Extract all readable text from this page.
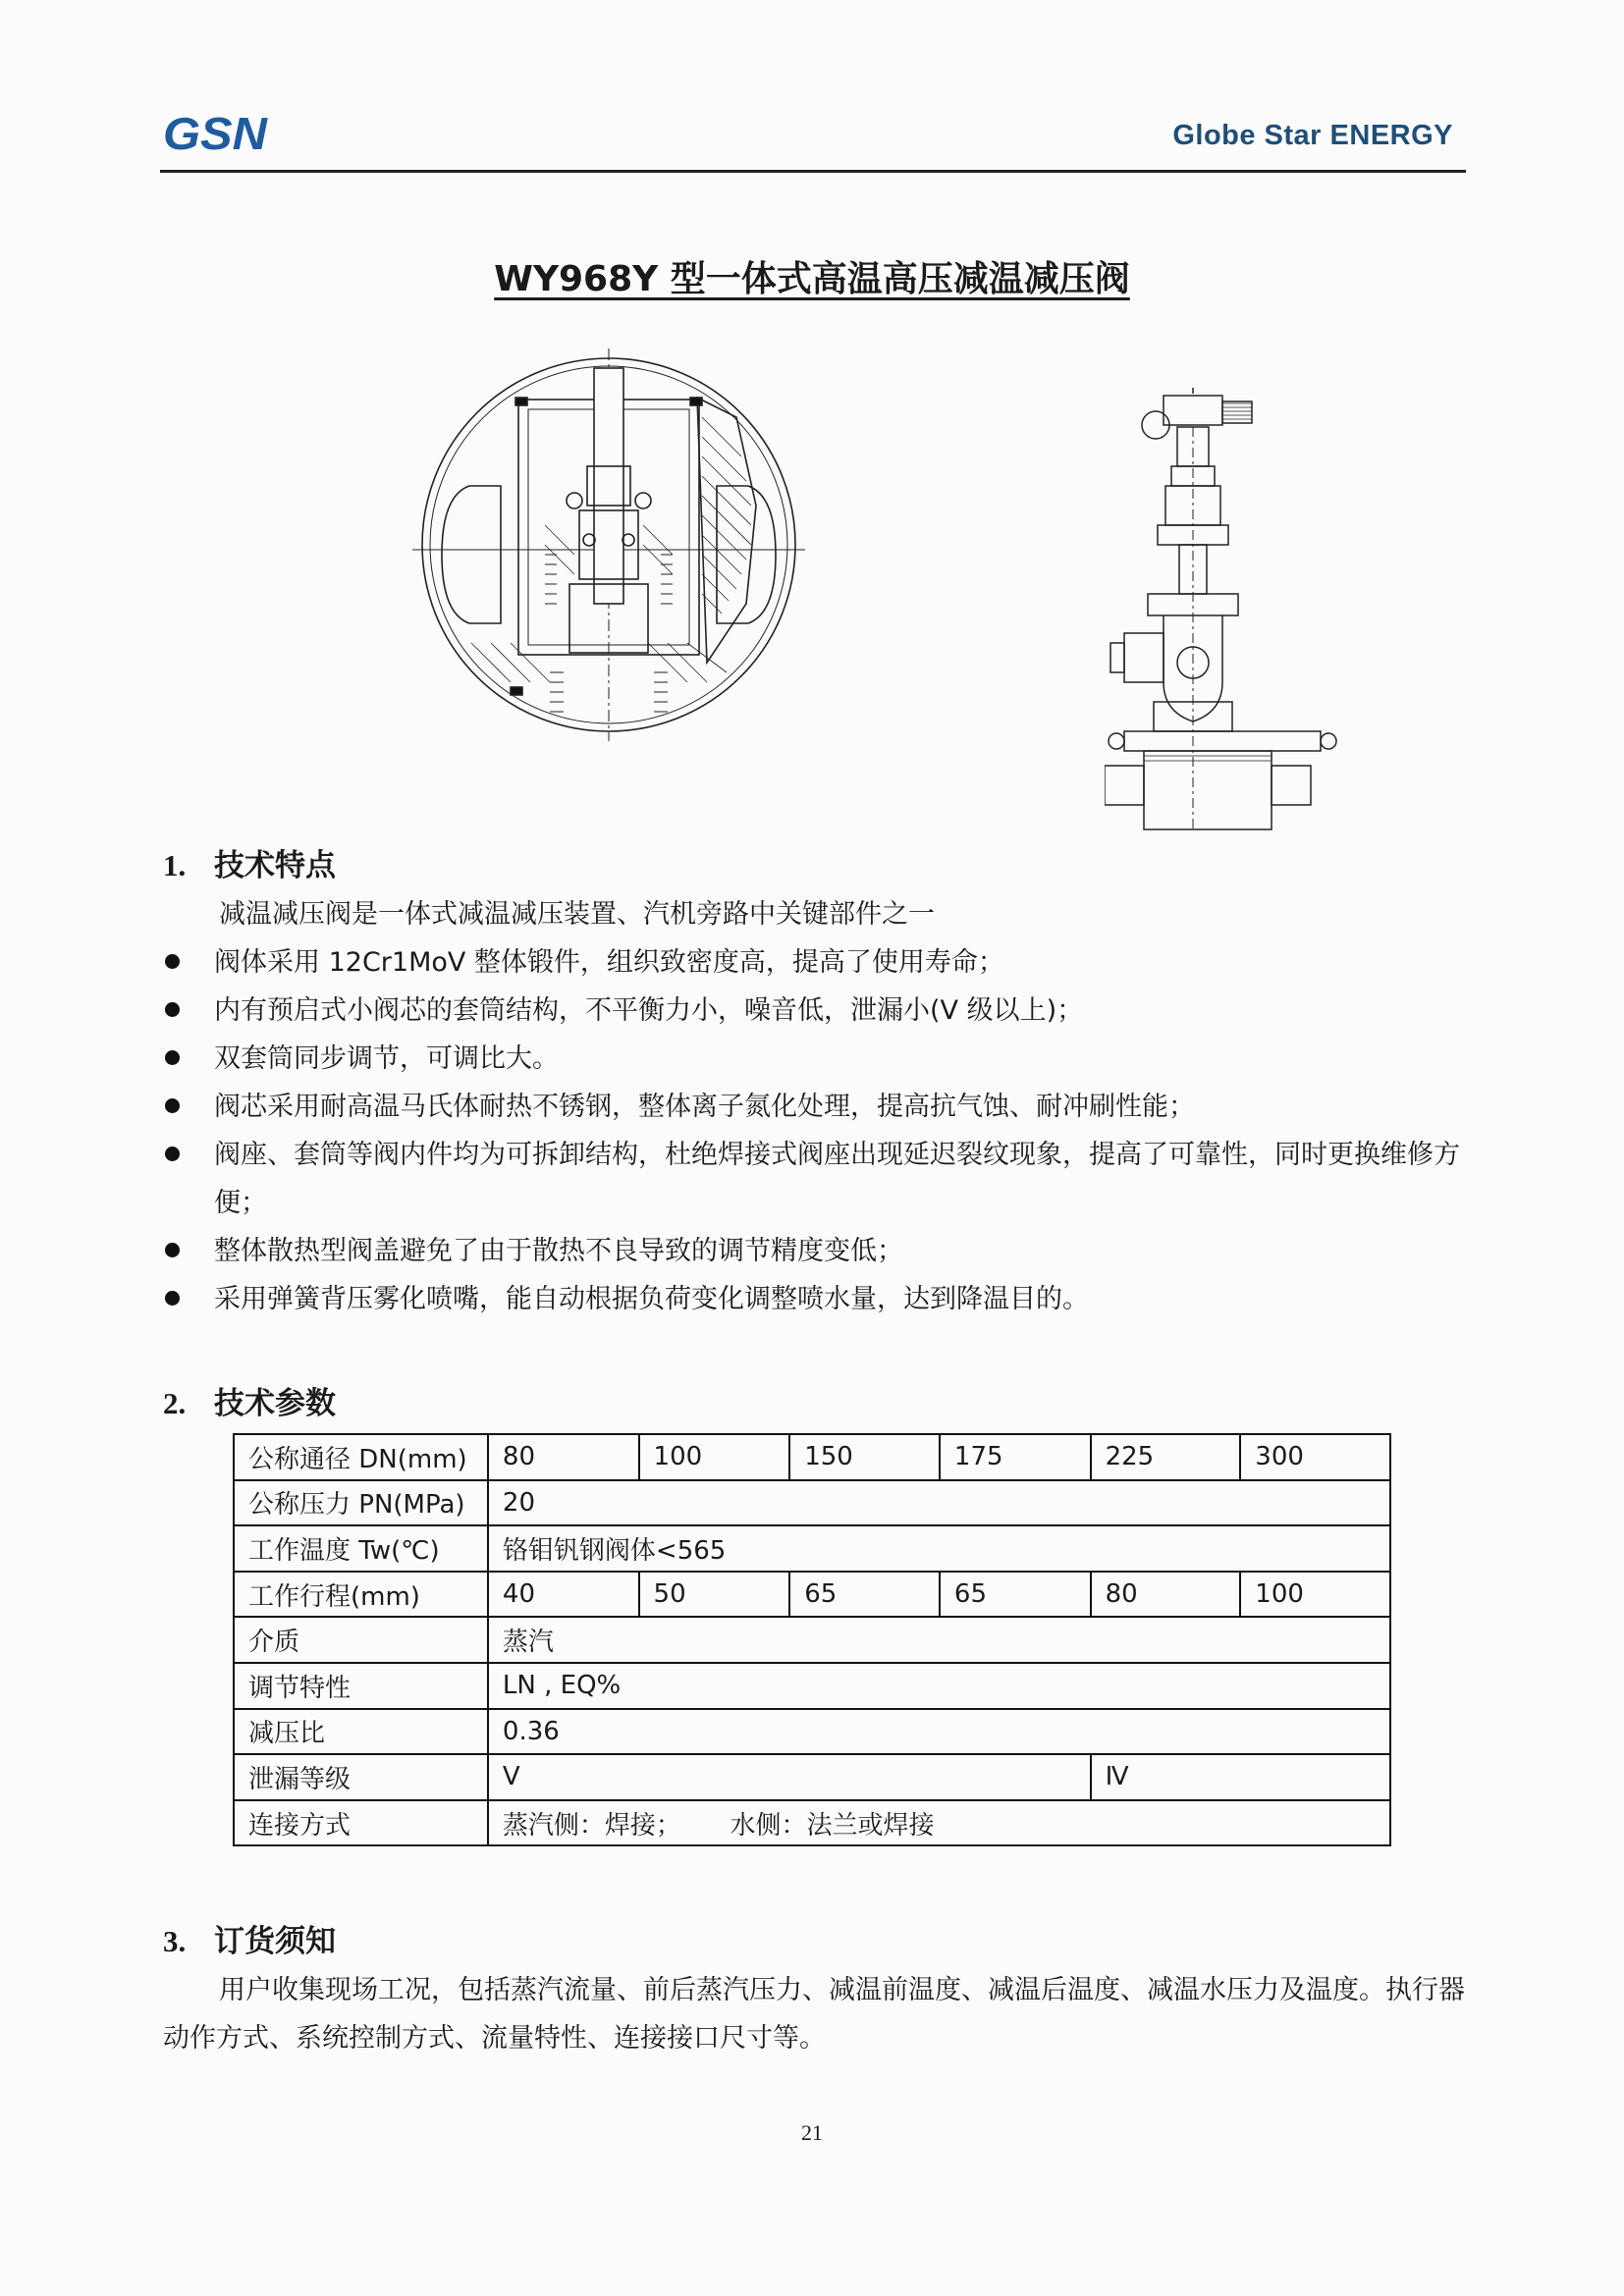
GSN	Globe Star ENERGY
WY968Y 型一体式高温高压减温减压阀
1. 技术特点
减温减压阀是一体式减温减压装置、汽机旁路中关键部件之一
阀体采用 12Cr1MoV 整体锻件，组织致密度高，提高了使用寿命；
内有预启式小阀芯的套筒结构，不平衡力小，噪音低，泄漏小(V 级以上)；
双套筒同步调节，可调比大。
阀芯采用耐高温马氏体耐热不锈钢，整体离子氮化处理，提高抗气蚀、耐冲刷性能；
阀座、套筒等阀内件均为可拆卸结构，杜绝焊接式阀座出现延迟裂纹现象，提高了可靠性，同时更换维修方便；
整体散热型阀盖避免了由于散热不良导致的调节精度变低；
采用弹簧背压雾化喷嘴，能自动根据负荷变化调整喷水量，达到降温目的。
2. 技术参数
公称通径 DN(mm)	80	100	150	175	225	300
公称压力 PN(MPa)	20					
工作温度 Tw(℃)	铬钼钒钢阀体<565					
工作行程(mm)	40	50	65	65	80	100
介质	蒸汽					
调节特性	LN , EQ%					
减压比	0.36					
泄漏等级	V				Ⅳ	
连接方式	蒸汽侧：焊接；      水侧：法兰或焊接					
3. 订货须知
用户收集现场工况，包括蒸汽流量、前后蒸汽压力、减温前温度、减温后温度、减温水压力及温度。执行器动作方式、系统控制方式、流量特性、连接接口尺寸等。
21
